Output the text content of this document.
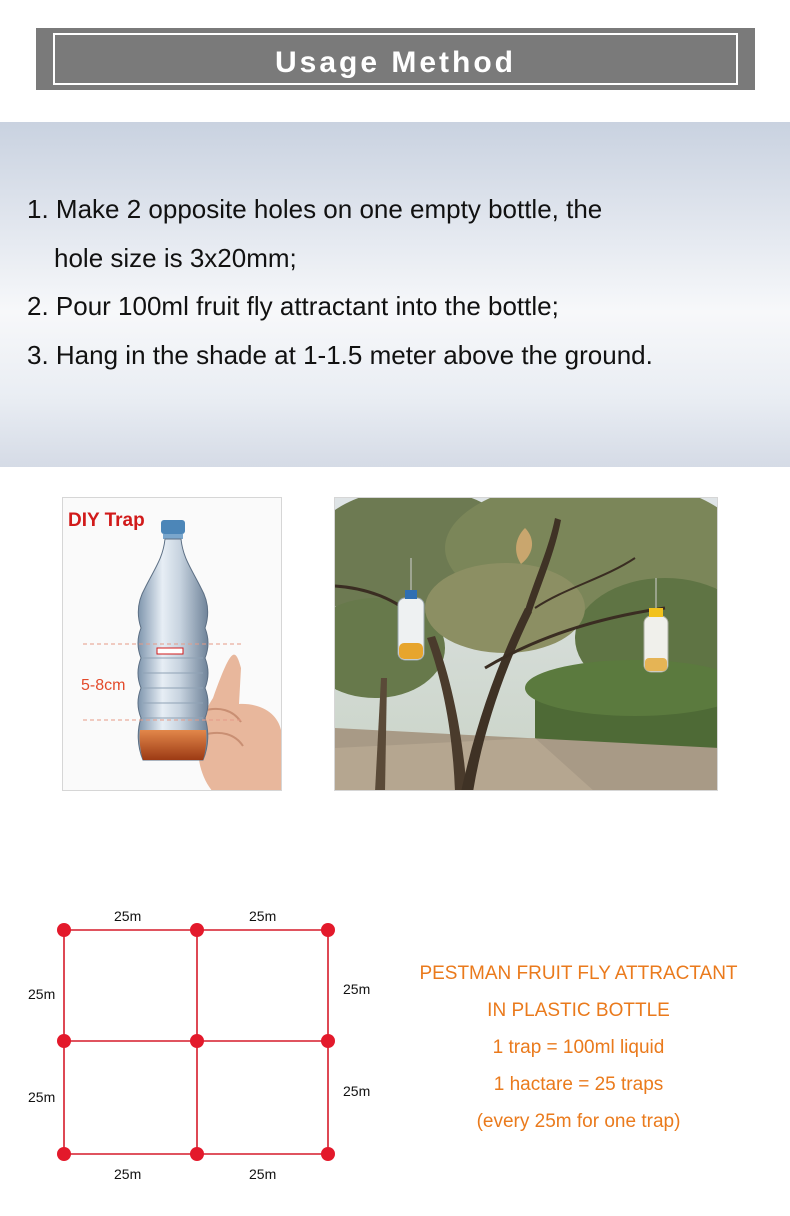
Usage Method
1. Make 2 opposite holes on one empty bottle, the
hole size is 3x20mm;
2. Pour 100ml fruit fly attractant into the bottle;
3. Hang in the shade at 1-1.5 meter above the ground.
DIY Trap
5-8cm
25m	25m
25m
25m
25m
25m
25m	25m
PESTMAN FRUIT FLY ATTRACTANT
IN PLASTIC BOTTLE
1 trap = 100ml liquid
1 hactare = 25 traps
(every 25m for one trap)
